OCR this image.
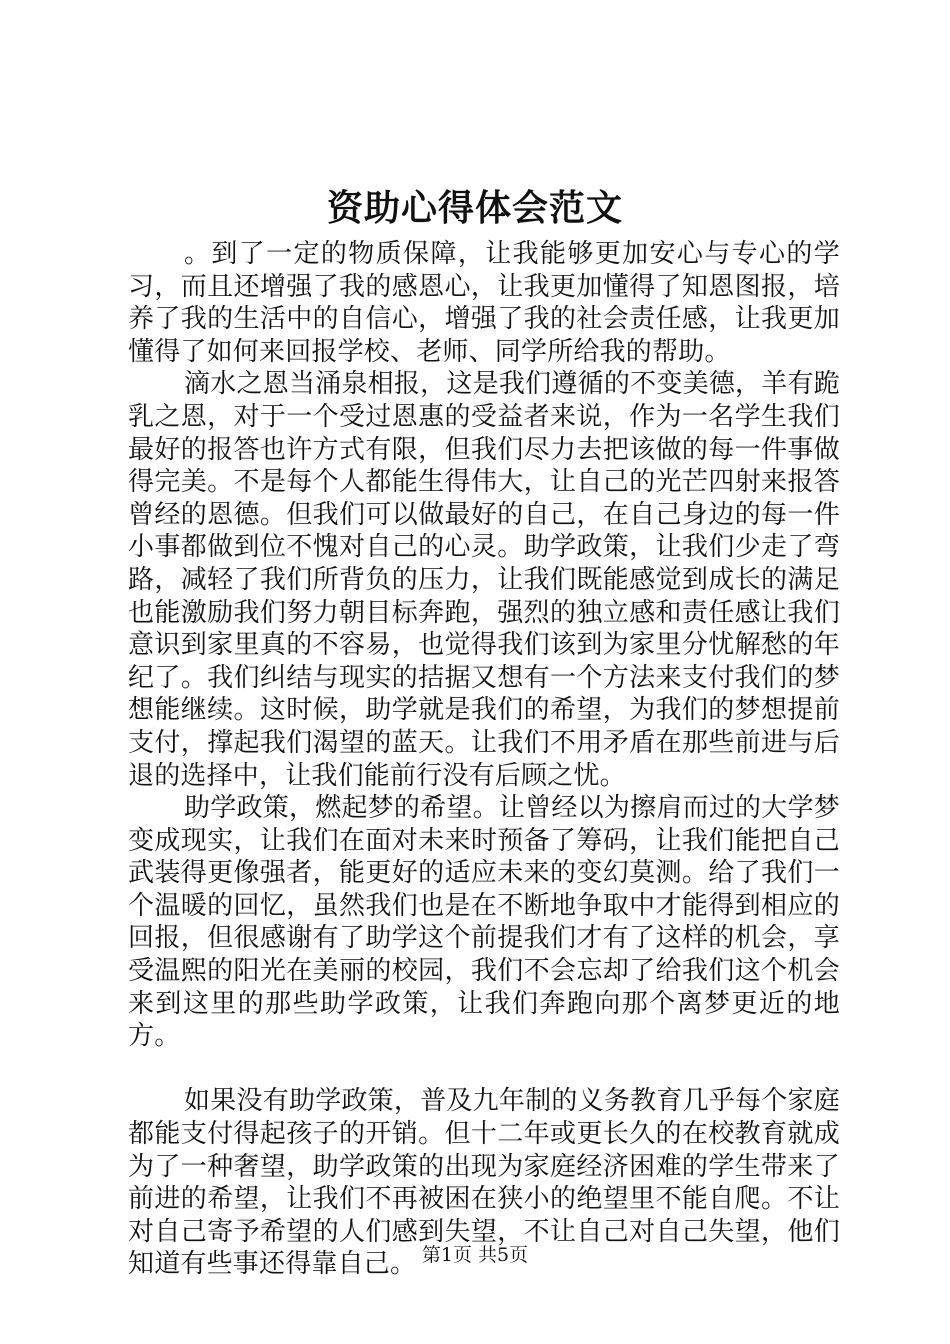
资助心得体会范文

。到了一定的物质保障，让我能够更加安心与专心的学习，而且还增强了我的感恩心，让我更加懂得了知恩图报，培养了我的生活中的自信心，增强了我的社会责任感，让我更加懂得了如何来回报学校、老师、同学所给我的帮助。

滴水之恩当涌泉相报，这是我们遵循的不变美德，羊有跪乳之恩，对于一个受过恩惠的受益者来说，作为一名学生我们最好的报答也许方式有限，但我们尽力去把该做的每一件事做得完美。不是每个人都能生得伟大，让自己的光芒四射来报答曾经的恩德。但我们可以做最好的自己，在自己身边的每一件小事都做到位不愧对自己的心灵。助学政策，让我们少走了弯路，减轻了我们所背负的压力，让我们既能感觉到成长的满足也能激励我们努力朝目标奔跑，强烈的独立感和责任感让我们意识到家里真的不容易，也觉得我们该到为家里分忧解愁的年纪了。我们纠结与现实的拮据又想有一个方法来支付我们的梦想能继续。这时候，助学就是我们的希望，为我们的梦想提前支付，撑起我们渴望的蓝天。让我们不用矛盾在那些前进与后退的选择中，让我们能前行没有后顾之忧。

助学政策，燃起梦的希望。让曾经以为擦肩而过的大学梦变成现实，让我们在面对未来时预备了筹码，让我们能把自己武装得更像强者，能更好的适应未来的变幻莫测。给了我们一个温暖的回忆，虽然我们也是在不断地争取中才能得到相应的回报，但很感谢有了助学这个前提我们才有了这样的机会，享受温熙的阳光在美丽的校园，我们不会忘却了给我们这个机会来到这里的那些助学政策，让我们奔跑向那个离梦更近的地方。

如果没有助学政策，普及九年制的义务教育几乎每个家庭都能支付得起孩子的开销。但十二年或更长久的在校教育就成为了一种奢望，助学政策的出现为家庭经济困难的学生带来了前进的希望，让我们不再被困在狭小的绝望里不能自爬。不让对自己寄予希望的人们感到失望，不让自己对自己失望，他们知道有些事还得靠自己。 第1页 共5页
